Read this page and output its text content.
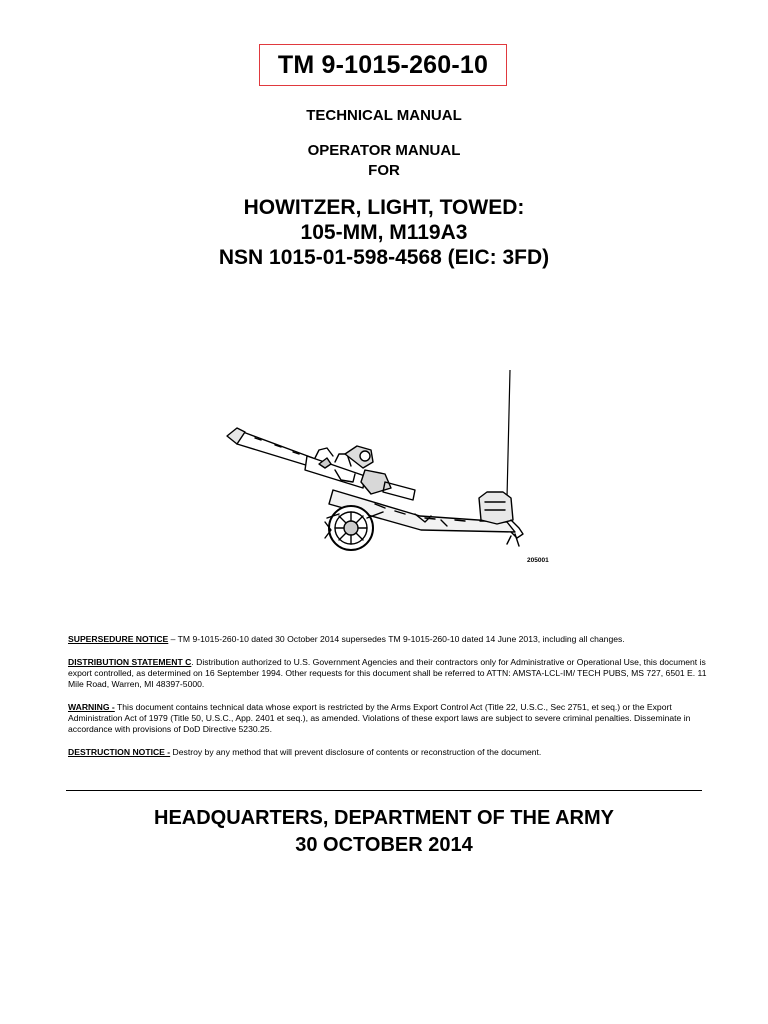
TM 9-1015-260-10
TECHNICAL MANUAL
OPERATOR MANUAL
FOR
HOWITZER, LIGHT, TOWED:
105-MM, M119A3
NSN 1015-01-598-4568 (EIC: 3FD)
205001

SUPERSEDURE NOTICE – TM 9-1015-260-10 dated 30 October 2014 supersedes TM 9-1015-260-10 dated 14 June 2013, including all changes.

DISTRIBUTION STATEMENT C. Distribution authorized to U.S. Government Agencies and their contractors only for Administrative or Operational Use, this document is export controlled, as determined on 16 September 1994. Other requests for this document shall be referred to ATTN: AMSTA-LCL-IM/ TECH PUBS, MS 727, 6501 E. 11 Mile Road, Warren, MI 48397-5000.

WARNING - This document contains technical data whose export is restricted by the Arms Export Control Act (Title 22, U.S.C., Sec 2751, et seq.) or the Export Administration Act of 1979 (Title 50, U.S.C., App. 2401 et seq.), as amended. Violations of these export laws are subject to severe criminal penalties. Disseminate in accordance with provisions of DoD Directive 5230.25.

DESTRUCTION NOTICE - Destroy by any method that will prevent disclosure of contents or reconstruction of the document.

HEADQUARTERS, DEPARTMENT OF THE ARMY
30 OCTOBER 2014
